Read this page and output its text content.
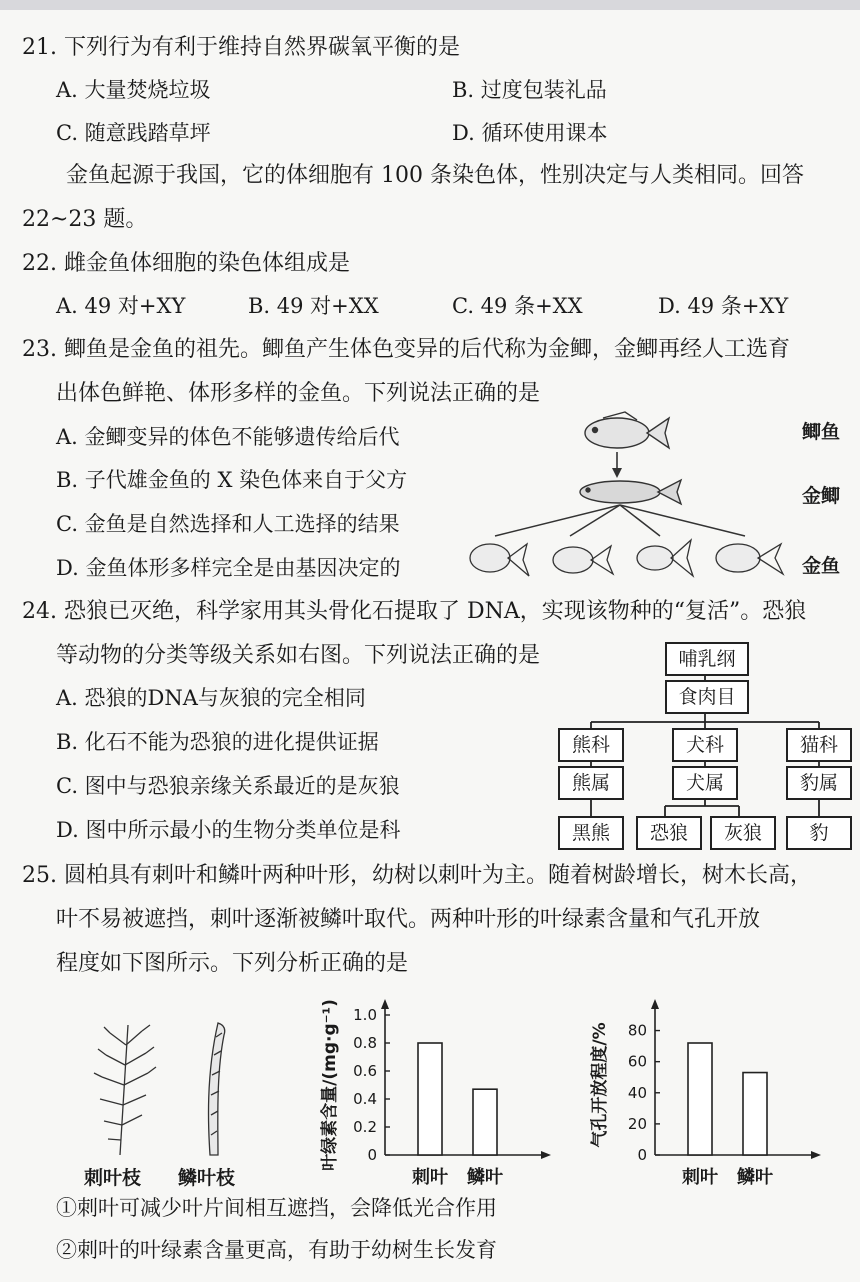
21. 下列行为有利于维持自然界碳氧平衡的是
A. 大量焚烧垃圾	B. 过度包装礼品
C. 随意践踏草坪	D. 循环使用课本
金鱼起源于我国，它的体细胞有 100 条染色体，性别决定与人类相同。回答
22~23 题。
22. 雌金鱼体细胞的染色体组成是
A. 49 对+XY	B. 49 对+XX	C. 49 条+XX	D. 49 条+XY
23. 鲫鱼是金鱼的祖先。鲫鱼产生体色变异的后代称为金鲫，金鲫再经人工选育
出体色鲜艳、体形多样的金鱼。下列说法正确的是
A. 金鲫变异的体色不能够遗传给后代
B. 子代雄金鱼的 X 染色体来自于父方
C. 金鱼是自然选择和人工选择的结果
D. 金鱼体形多样完全是由基因决定的
鲫鱼
金鲫
金鱼
24. 恐狼已灭绝，科学家用其头骨化石提取了 DNA，实现该物种的“复活”。恐狼
等动物的分类等级关系如右图。下列说法正确的是
A. 恐狼的DNA与灰狼的完全相同
B. 化石不能为恐狼的进化提供证据
C. 图中与恐狼亲缘关系最近的是灰狼
D. 图中所示最小的生物分类单位是科
哺乳纲
食肉目
熊科	犬科	猫科
熊属	犬属	豹属
黑熊	恐狼	灰狼	豹
25. 圆柏具有刺叶和鳞叶两种叶形，幼树以刺叶为主。随着树龄增长，树木长高，
叶不易被遮挡，刺叶逐渐被鳞叶取代。两种叶形的叶绿素含量和气孔开放
程度如下图所示。下列分析正确的是
刺叶枝 鳞叶枝
叶绿素含量/(mg·g⁻¹) 0
0.2
0.4
0.6
0.8
1.0
刺叶 鳞叶
气孔开放程度/%
0
20
40
60
80
刺叶 鳞叶
①刺叶可减少叶片间相互遮挡，会降低光合作用
②刺叶的叶绿素含量更高，有助于幼树生长发育
